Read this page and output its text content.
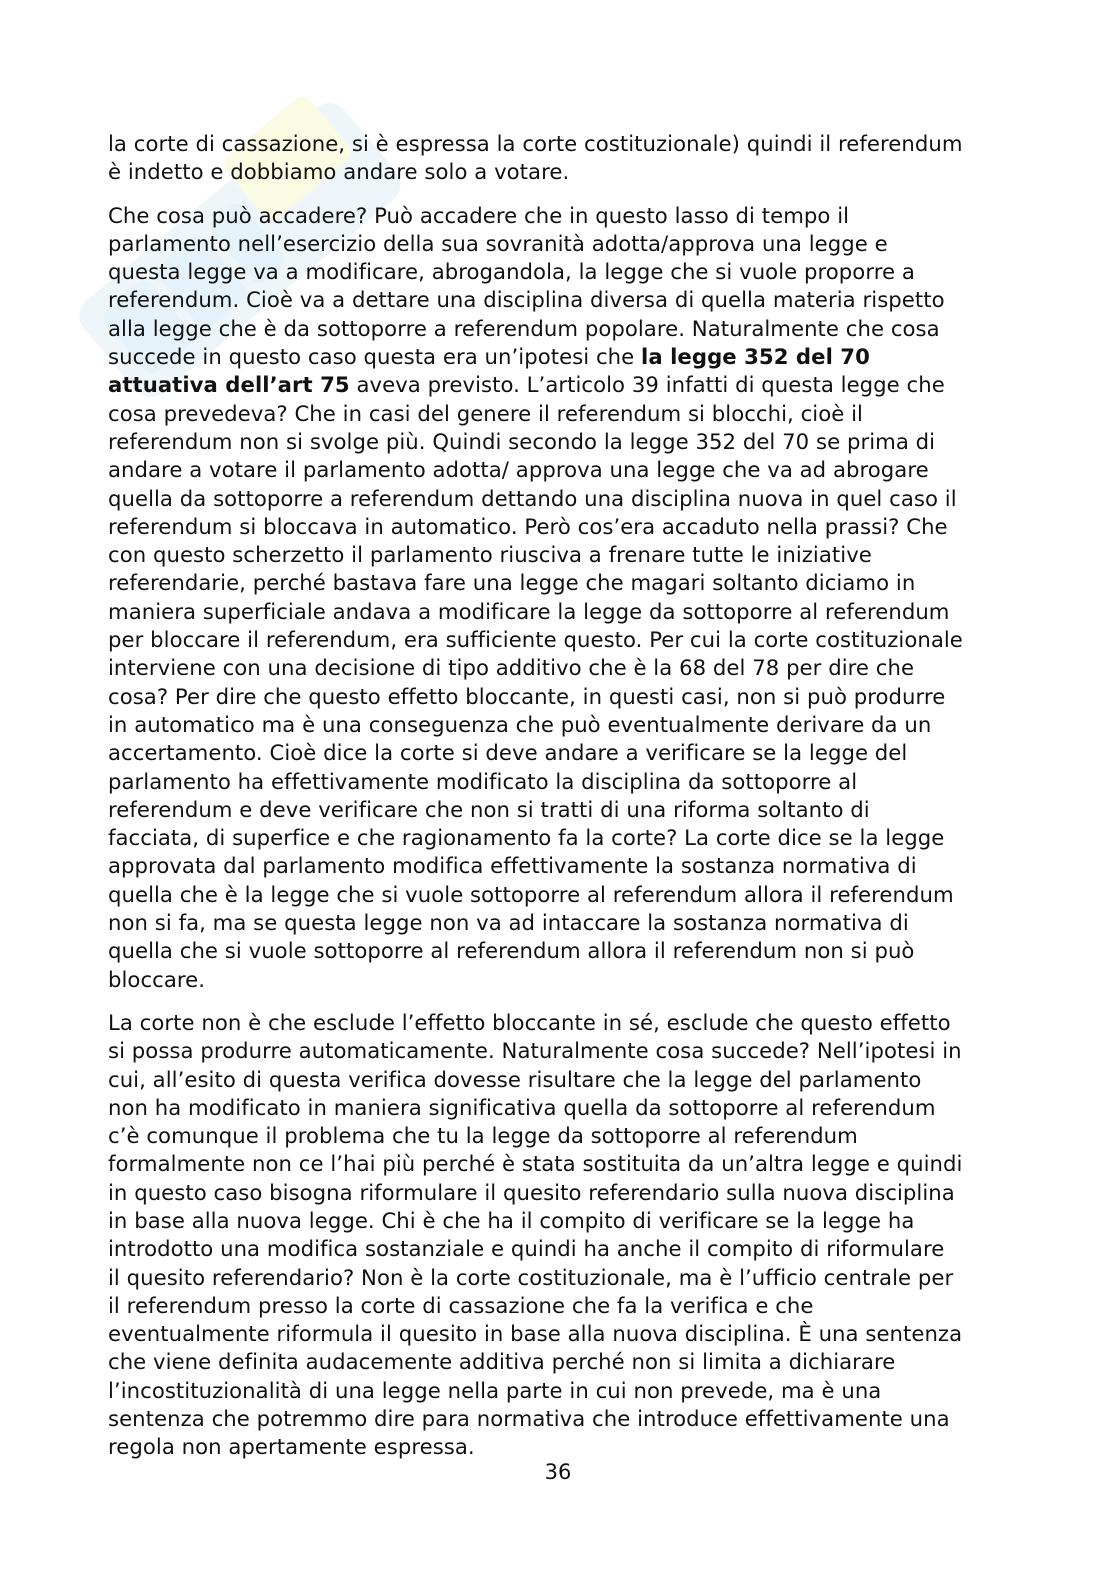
la corte di cassazione, si è espressa la corte costituzionale) quindi il referendum
è indetto e dobbiamo andare solo a votare.

Che cosa può accadere? Può accadere che in questo lasso di tempo il
parlamento nell’esercizio della sua sovranità adotta/approva una legge e
questa legge va a modificare, abrogandola, la legge che si vuole proporre a
referendum. Cioè va a dettare una disciplina diversa di quella materia rispetto
alla legge che è da sottoporre a referendum popolare. Naturalmente che cosa
succede in questo caso questa era un’ipotesi che la legge 352 del 70
attuativa dell’art 75 aveva previsto. L’articolo 39 infatti di questa legge che
cosa prevedeva? Che in casi del genere il referendum si blocchi, cioè il
referendum non si svolge più. Quindi secondo la legge 352 del 70 se prima di
andare a votare il parlamento adotta/ approva una legge che va ad abrogare
quella da sottoporre a referendum dettando una disciplina nuova in quel caso il
referendum si bloccava in automatico. Però cos’era accaduto nella prassi? Che
con questo scherzetto il parlamento riusciva a frenare tutte le iniziative
referendarie, perché bastava fare una legge che magari soltanto diciamo in
maniera superficiale andava a modificare la legge da sottoporre al referendum
per bloccare il referendum, era sufficiente questo. Per cui la corte costituzionale
interviene con una decisione di tipo additivo che è la 68 del 78 per dire che
cosa? Per dire che questo effetto bloccante, in questi casi, non si può produrre
in automatico ma è una conseguenza che può eventualmente derivare da un
accertamento. Cioè dice la corte si deve andare a verificare se la legge del
parlamento ha effettivamente modificato la disciplina da sottoporre al
referendum e deve verificare che non si tratti di una riforma soltanto di
facciata, di superfice e che ragionamento fa la corte? La corte dice se la legge
approvata dal parlamento modifica effettivamente la sostanza normativa di
quella che è la legge che si vuole sottoporre al referendum allora il referendum
non si fa, ma se questa legge non va ad intaccare la sostanza normativa di
quella che si vuole sottoporre al referendum allora il referendum non si può
bloccare.

La corte non è che esclude l’effetto bloccante in sé, esclude che questo effetto
si possa produrre automaticamente. Naturalmente cosa succede? Nell’ipotesi in
cui, all’esito di questa verifica dovesse risultare che la legge del parlamento
non ha modificato in maniera significativa quella da sottoporre al referendum
c’è comunque il problema che tu la legge da sottoporre al referendum
formalmente non ce l’hai più perché è stata sostituita da un’altra legge e quindi
in questo caso bisogna riformulare il quesito referendario sulla nuova disciplina
in base alla nuova legge. Chi è che ha il compito di verificare se la legge ha
introdotto una modifica sostanziale e quindi ha anche il compito di riformulare
il quesito referendario? Non è la corte costituzionale, ma è l’ufficio centrale per
il referendum presso la corte di cassazione che fa la verifica e che
eventualmente riformula il quesito in base alla nuova disciplina. È una sentenza
che viene definita audacemente additiva perché non si limita a dichiarare
l’incostituzionalità di una legge nella parte in cui non prevede, ma è una
sentenza che potremmo dire para normativa che introduce effettivamente una
regola non apertamente espressa.

36
